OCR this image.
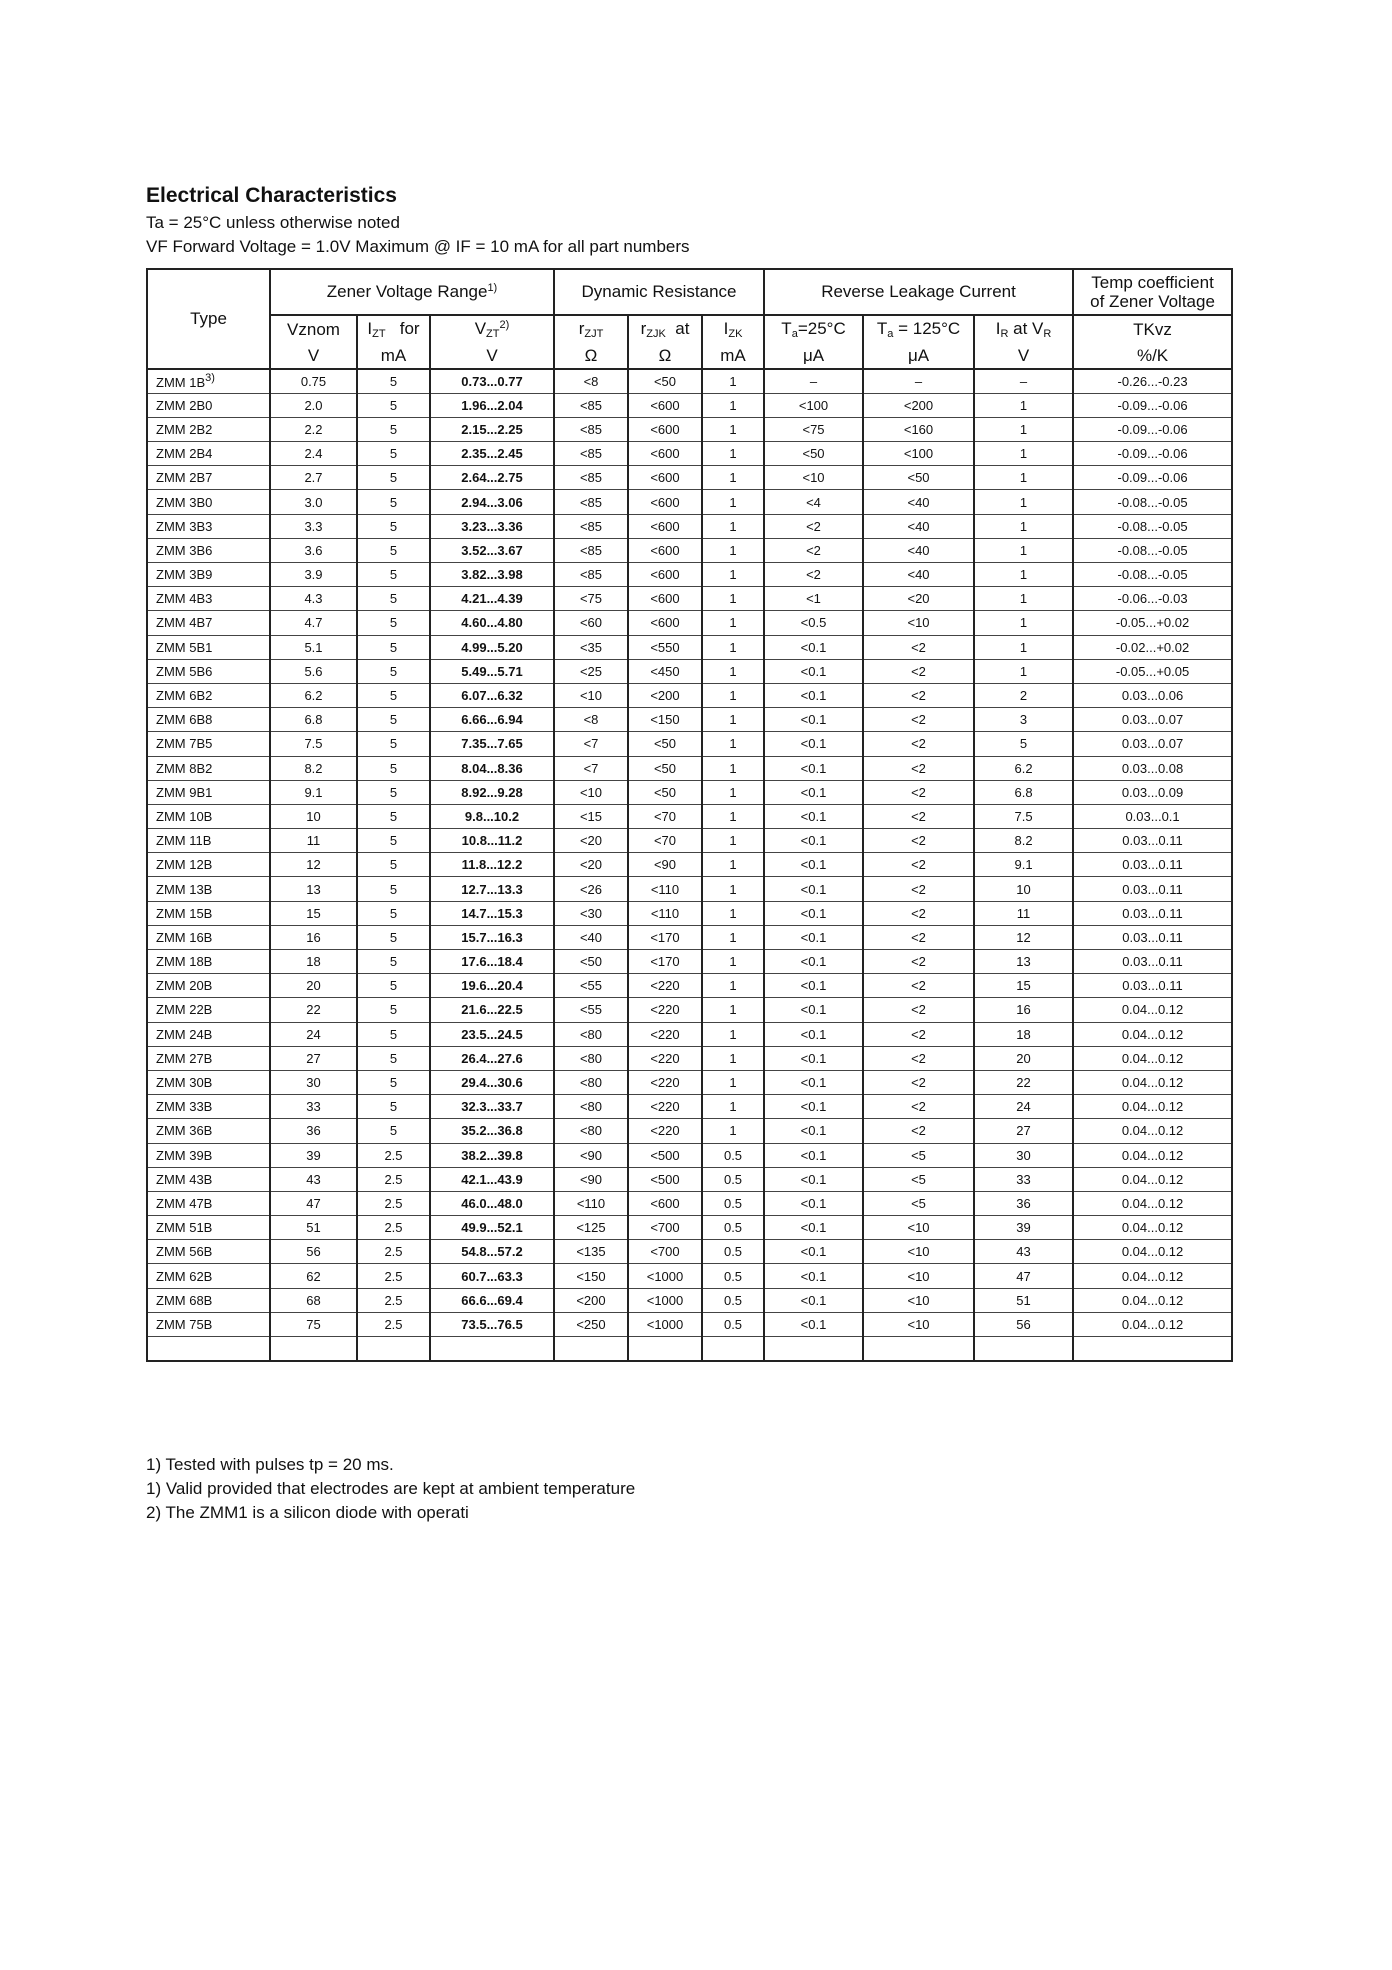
Electrical Characteristics

Ta = 25°C unless otherwise noted

VF Forward Voltage = 1.0V Maximum @ IF = 10 mA for all part numbers

Type	Zener Voltage Range$^{1)}$			Dynamic Resistance			Reverse Leakage Current			Temp coefficient
of Zener Voltage
	Vznom	$I_{ZT}$ for	$V_{ZT}^{2)}$	$r_{ZJT}$	$r_{ZJK}$ at	$I_{ZK}$	$T_a=25^\circ C$	$T_a = 125^\circ C$	$I_R$ at $V_R$	TKvz
	V	mA	V	Ω	Ω	mA	μA	μA	V	%/K
ZMM $1B^{3)}$	0.75	5	0.73...0.77	<8	<50	1	–	–	–	-0.26...-0.23
ZMM 2B0	2.0	5	1.96...2.04	<85	<600	1	<100	<200	1	-0.09...-0.06
ZMM 2B2	2.2	5	2.15...2.25	<85	<600	1	<75	<160	1	-0.09...-0.06
ZMM 2B4	2.4	5	2.35...2.45	<85	<600	1	<50	<100	1	-0.09...-0.06
ZMM 2B7	2.7	5	2.64...2.75	<85	<600	1	<10	<50	1	-0.09...-0.06
ZMM 3B0	3.0	5	2.94...3.06	<85	<600	1	<4	<40	1	-0.08...-0.05
ZMM 3B3	3.3	5	3.23...3.36	<85	<600	1	<2	<40	1	-0.08...-0.05
ZMM 3B6	3.6	5	3.52...3.67	<85	<600	1	<2	<40	1	-0.08...-0.05
ZMM 3B9	3.9	5	3.82...3.98	<85	<600	1	<2	<40	1	-0.08...-0.05
ZMM 4B3	4.3	5	4.21...4.39	<75	<600	1	<1	<20	1	-0.06...-0.03
ZMM 4B7	4.7	5	4.60...4.80	<60	<600	1	<0.5	<10	1	-0.05...+0.02
ZMM 5B1	5.1	5	4.99...5.20	<35	<550	1	<0.1	<2	1	-0.02...+0.02
ZMM 5B6	5.6	5	5.49...5.71	<25	<450	1	<0.1	<2	1	-0.05...+0.05
ZMM 6B2	6.2	5	6.07...6.32	<10	<200	1	<0.1	<2	2	0.03...0.06
ZMM 6B8	6.8	5	6.66...6.94	<8	<150	1	<0.1	<2	3	0.03...0.07
ZMM 7B5	7.5	5	7.35...7.65	<7	<50	1	<0.1	<2	5	0.03...0.07
ZMM 8B2	8.2	5	8.04...8.36	<7	<50	1	<0.1	<2	6.2	0.03...0.08
ZMM 9B1	9.1	5	8.92...9.28	<10	<50	1	<0.1	<2	6.8	0.03...0.09
ZMM 10B	10	5	9.8...10.2	<15	<70	1	<0.1	<2	7.5	0.03...0.1
ZMM 11B	11	5	10.8...11.2	<20	<70	1	<0.1	<2	8.2	0.03...0.11
ZMM 12B	12	5	11.8...12.2	<20	<90	1	<0.1	<2	9.1	0.03...0.11
ZMM 13B	13	5	12.7...13.3	<26	<110	1	<0.1	<2	10	0.03...0.11
ZMM 15B	15	5	14.7...15.3	<30	<110	1	<0.1	<2	11	0.03...0.11
ZMM 16B	16	5	15.7...16.3	<40	<170	1	<0.1	<2	12	0.03...0.11
ZMM 18B	18	5	17.6...18.4	<50	<170	1	<0.1	<2	13	0.03...0.11
ZMM 20B	20	5	19.6...20.4	<55	<220	1	<0.1	<2	15	0.03...0.11
ZMM 22B	22	5	21.6...22.5	<55	<220	1	<0.1	<2	16	0.04...0.12
ZMM 24B	24	5	23.5...24.5	<80	<220	1	<0.1	<2	18	0.04...0.12
ZMM 27B	27	5	26.4...27.6	<80	<220	1	<0.1	<2	20	0.04...0.12
ZMM 30B	30	5	29.4...30.6	<80	<220	1	<0.1	<2	22	0.04...0.12
ZMM 33B	33	5	32.3...33.7	<80	<220	1	<0.1	<2	24	0.04...0.12
ZMM 36B	36	5	35.2...36.8	<80	<220	1	<0.1	<2	27	0.04...0.12
ZMM 39B	39	2.5	38.2...39.8	<90	<500	0.5	<0.1	<5	30	0.04...0.12
ZMM 43B	43	2.5	42.1...43.9	<90	<500	0.5	<0.1	<5	33	0.04...0.12
ZMM 47B	47	2.5	46.0...48.0	<110	<600	0.5	<0.1	<5	36	0.04...0.12
ZMM 51B	51	2.5	49.9...52.1	<125	<700	0.5	<0.1	<10	39	0.04...0.12
ZMM 56B	56	2.5	54.8...57.2	<135	<700	0.5	<0.1	<10	43	0.04...0.12
ZMM 62B	62	2.5	60.7...63.3	<150	<1000	0.5	<0.1	<10	47	0.04...0.12
ZMM 68B	68	2.5	66.6...69.4	<200	<1000	0.5	<0.1	<10	51	0.04...0.12
ZMM 75B	75	2.5	73.5...76.5	<250	<1000	0.5	<0.1	<10	56	0.04...0.12

1) Tested with pulses tp = 20 ms.

1) Valid provided that electrodes are kept at ambient temperature

2) The ZMM1 is a silicon diode with operati
